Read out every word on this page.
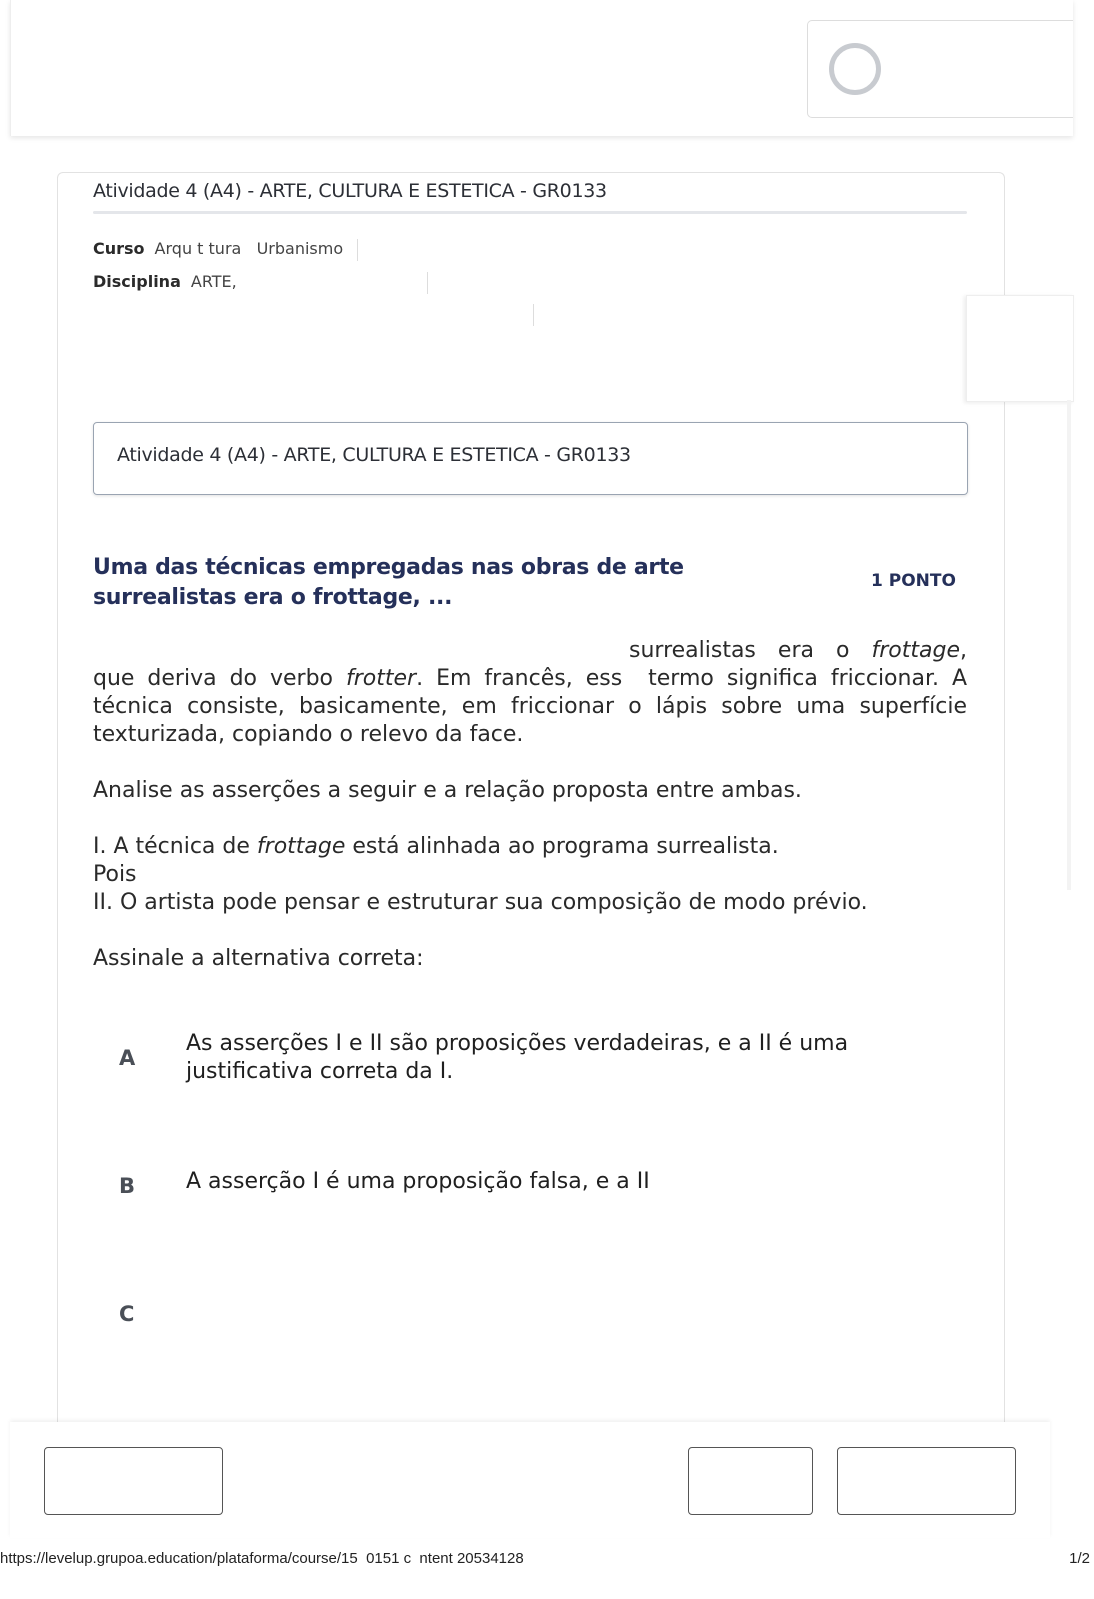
Atividade 4 (A4) - ARTE, CULTURA E ESTETICA - GR0133
Curso Arqu t tura   Urbanismo
Disciplina ARTE,
Atividade 4 (A4) - ARTE, CULTURA E ESTETICA - GR0133
Uma das técnicas empregadas nas obras de arte surrealistas era o frottage, ...
1 PONTO

surrealistas era o frottage, que deriva do verbo frotter. Em francês, ess  termo significa friccionar. A técnica consiste, basicamente, em friccionar o lápis sobre uma superfície texturizada, copiando o relevo da face.

Analise as asserções a seguir e a relação proposta entre ambas.

I. A técnica de frottage está alinhada ao programa surrealista.

Pois

II. O artista pode pensar e estruturar sua composição de modo prévio.

Assinale a alternativa correta:

A
As asserções I e II são proposições verdadeiras, e a II é uma justificativa correta da I.
B A asserção I é uma proposição falsa, e a II
C
https://levelup.grupoa.education/plataforma/course/15  0151 c  ntent 20534128	1/2
